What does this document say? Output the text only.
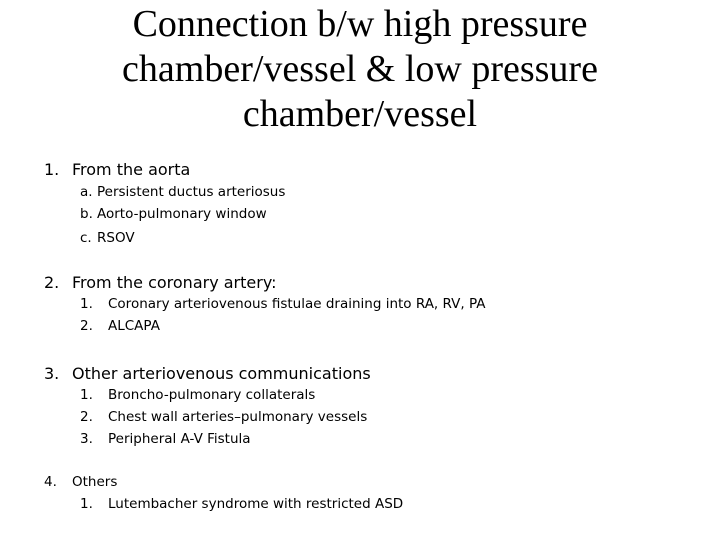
Connection b/w high pressure
chamber/vessel & low pressure
chamber/vessel
1. From the aorta
a. Persistent ductus arteriosus
b. Aorto-pulmonary window
c. RSOV
2. From the coronary artery:
1. Coronary arteriovenous fistulae draining into RA, RV, PA
2. ALCAPA
3. Other arteriovenous communications
1. Broncho-pulmonary collaterals
2. Chest wall arteries–pulmonary vessels
3. Peripheral A-V Fistula
4. Others
1. Lutembacher syndrome with restricted ASD
